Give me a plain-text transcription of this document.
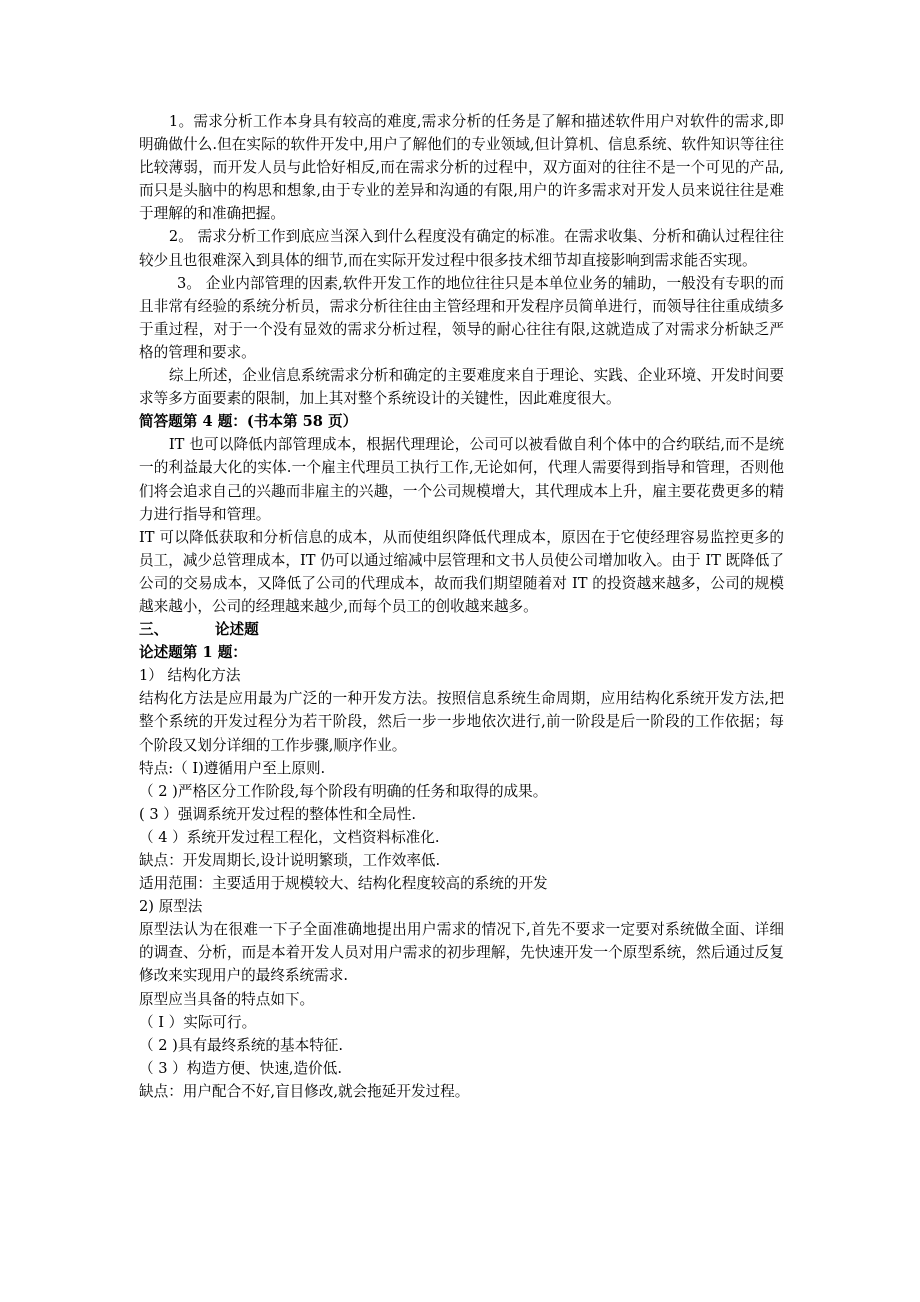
1。需求分析工作本身具有较高的难度,需求分析的任务是了解和描述软件用户对软件的需求,即明确做什么.但在实际的软件开发中,用户了解他们的专业领域,但计算机、信息系统、软件知识等往往比较薄弱，而开发人员与此恰好相反,而在需求分析的过程中，双方面对的往往不是一个可见的产品,而只是头脑中的构思和想象,由于专业的差异和沟通的有限,用户的许多需求对开发人员来说往往是难于理解的和准确把握。

2。 需求分析工作到底应当深入到什么程度没有确定的标准。在需求收集、分析和确认过程往往较少且也很难深入到具体的细节,而在实际开发过程中很多技术细节却直接影响到需求能否实现。

3。 企业内部管理的因素,软件开发工作的地位往往只是本单位业务的辅助，一般没有专职的而且非常有经验的系统分析员，需求分析往往由主管经理和开发程序员简单进行，而领导往往重成绩多于重过程，对于一个没有显效的需求分析过程，领导的耐心往往有限,这就造成了对需求分析缺乏严格的管理和要求。

综上所述，企业信息系统需求分析和确定的主要难度来自于理论、实践、企业环境、开发时间要求等多方面要素的限制，加上其对整个系统设计的关键性，因此难度很大。

简答题第 4 题：(书本第 58 页）

IT 也可以降低内部管理成本，根据代理理论，公司可以被看做自利个体中的合约联结,而不是统一的利益最大化的实体.一个雇主代理员工执行工作,无论如何，代理人需要得到指导和管理，否则他们将会追求自己的兴趣而非雇主的兴趣，一个公司规模增大，其代理成本上升，雇主要花费更多的精力进行指导和管理。

IT 可以降低获取和分析信息的成本，从而使组织降低代理成本，原因在于它使经理容易监控更多的员工，减少总管理成本，IT 仍可以通过缩减中层管理和文书人员使公司增加收入。由于 IT 既降低了公司的交易成本，又降低了公司的代理成本，故而我们期望随着对 IT 的投资越来越多，公司的规模越来越小，公司的经理越来越少,而每个员工的创收越来越多。

三、	论述题

论述题第 1 题：

1） 结构化方法

结构化方法是应用最为广泛的一种开发方法。按照信息系统生命周期，应用结构化系统开发方法,把整个系统的开发过程分为若干阶段，然后一步一步地依次进行,前一阶段是后一阶段的工作依据；每个阶段又划分详细的工作步骤,顺序作业。

特点:（ I)遵循用户至上原则.

（ 2 )严格区分工作阶段,每个阶段有明确的任务和取得的成果。

( 3 ）强调系统开发过程的整体性和全局性.

（ 4 ）系统开发过程工程化，文档资料标准化.

缺点：开发周期长,设计说明繁琐，工作效率低.

适用范围：主要适用于规模较大、结构化程度较高的系统的开发

2) 原型法

原型法认为在很难一下子全面准确地提出用户需求的情况下,首先不要求一定要对系统做全面、详细的调查、分析，而是本着开发人员对用户需求的初步理解，先快速开发一个原型系统，然后通过反复修改来实现用户的最终系统需求.

原型应当具备的特点如下。

（ I ）实际可行。

（ 2 )具有最终系统的基本特征.

（ 3 ）构造方便、快速,造价低.

缺点：用户配合不好,盲目修改,就会拖延开发过程。
